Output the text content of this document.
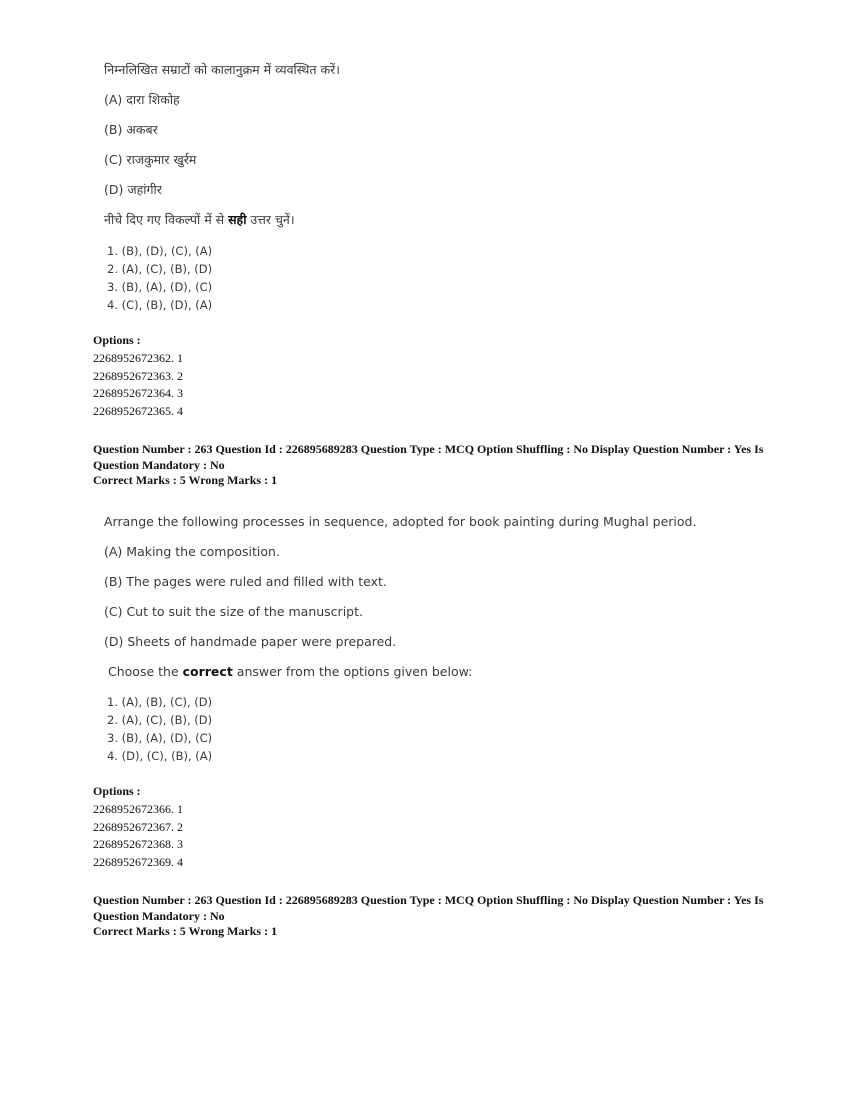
निम्नलिखित सम्राटों को कालानुक्रम में व्यवस्थित करें।
(A) दारा शिकोह
(B) अकबर
(C) राजकुमार खुर्रम
(D) जहांगीर
नीचे दिए गए विकल्पों में से सही उत्तर चुनें।
1. (B), (D), (C), (A)
2. (A), (C), (B), (D)
3. (B), (A), (D), (C)
4. (C), (B), (D), (A)
Options :
2268952672362. 1
2268952672363. 2
2268952672364. 3
2268952672365. 4
Question Number : 263 Question Id : 226895689283 Question Type : MCQ Option Shuffling : No Display Question Number : Yes Is
Question Mandatory : No
Correct Marks : 5 Wrong Marks : 1
Arrange the following processes in sequence, adopted for book painting during Mughal period.
(A) Making the composition.
(B) The pages were ruled and filled with text.
(C) Cut to suit the size of the manuscript.
(D) Sheets of handmade paper were prepared.
Choose the correct answer from the options given below:
1. (A), (B), (C), (D)
2. (A), (C), (B), (D)
3. (B), (A), (D), (C)
4. (D), (C), (B), (A)
Options :
2268952672366. 1
2268952672367. 2
2268952672368. 3
2268952672369. 4
Question Number : 263 Question Id : 226895689283 Question Type : MCQ Option Shuffling : No Display Question Number : Yes Is
Question Mandatory : No
Correct Marks : 5 Wrong Marks : 1
